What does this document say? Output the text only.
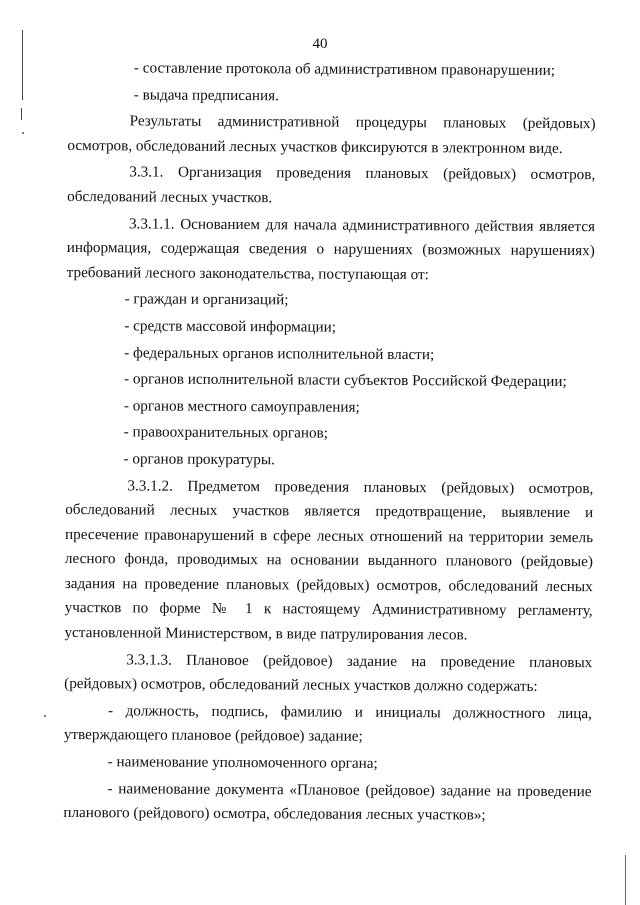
40

- составление протокола об административном правонарушении;

- выдача предписания.

Результаты административной процедуры плановых (рейдовых) осмотров, обследований лесных участков фиксируются в электронном виде.

3.3.1. Организация проведения плановых (рейдовых) осмотров, обследований лесных участков.

3.3.1.1. Основанием для начала административного действия является информация, содержащая сведения о нарушениях (возможных нарушениях) требований лесного законодательства, поступающая от:

- граждан и организаций;

- средств массовой информации;

- федеральных органов исполнительной власти;

- органов исполнительной власти субъектов Российской Федерации;

- органов местного самоуправления;

- правоохранительных органов;

- органов прокуратуры.

3.3.1.2. Предметом проведения плановых (рейдовых) осмотров, обследований лесных участков является предотвращение, выявление и пресечение правонарушений в сфере лесных отношений на территории земель лесного фонда, проводимых на основании выданного планового (рейдовые) задания на проведение плановых (рейдовых) осмотров, обследований лесных участков по форме № 1 к настоящему Административному регламенту, установленной Министерством, в виде патрулирования лесов.

3.3.1.3. Плановое (рейдовое) задание на проведение плановых (рейдовых) осмотров, обследований лесных участков должно содержать:

- должность, подпись, фамилию и инициалы должностного лица, утверждающего плановое (рейдовое) задание;

- наименование уполномоченного органа;

- наименование документа «Плановое (рейдовое) задание на проведение планового (рейдового) осмотра, обследования лесных участков»;
